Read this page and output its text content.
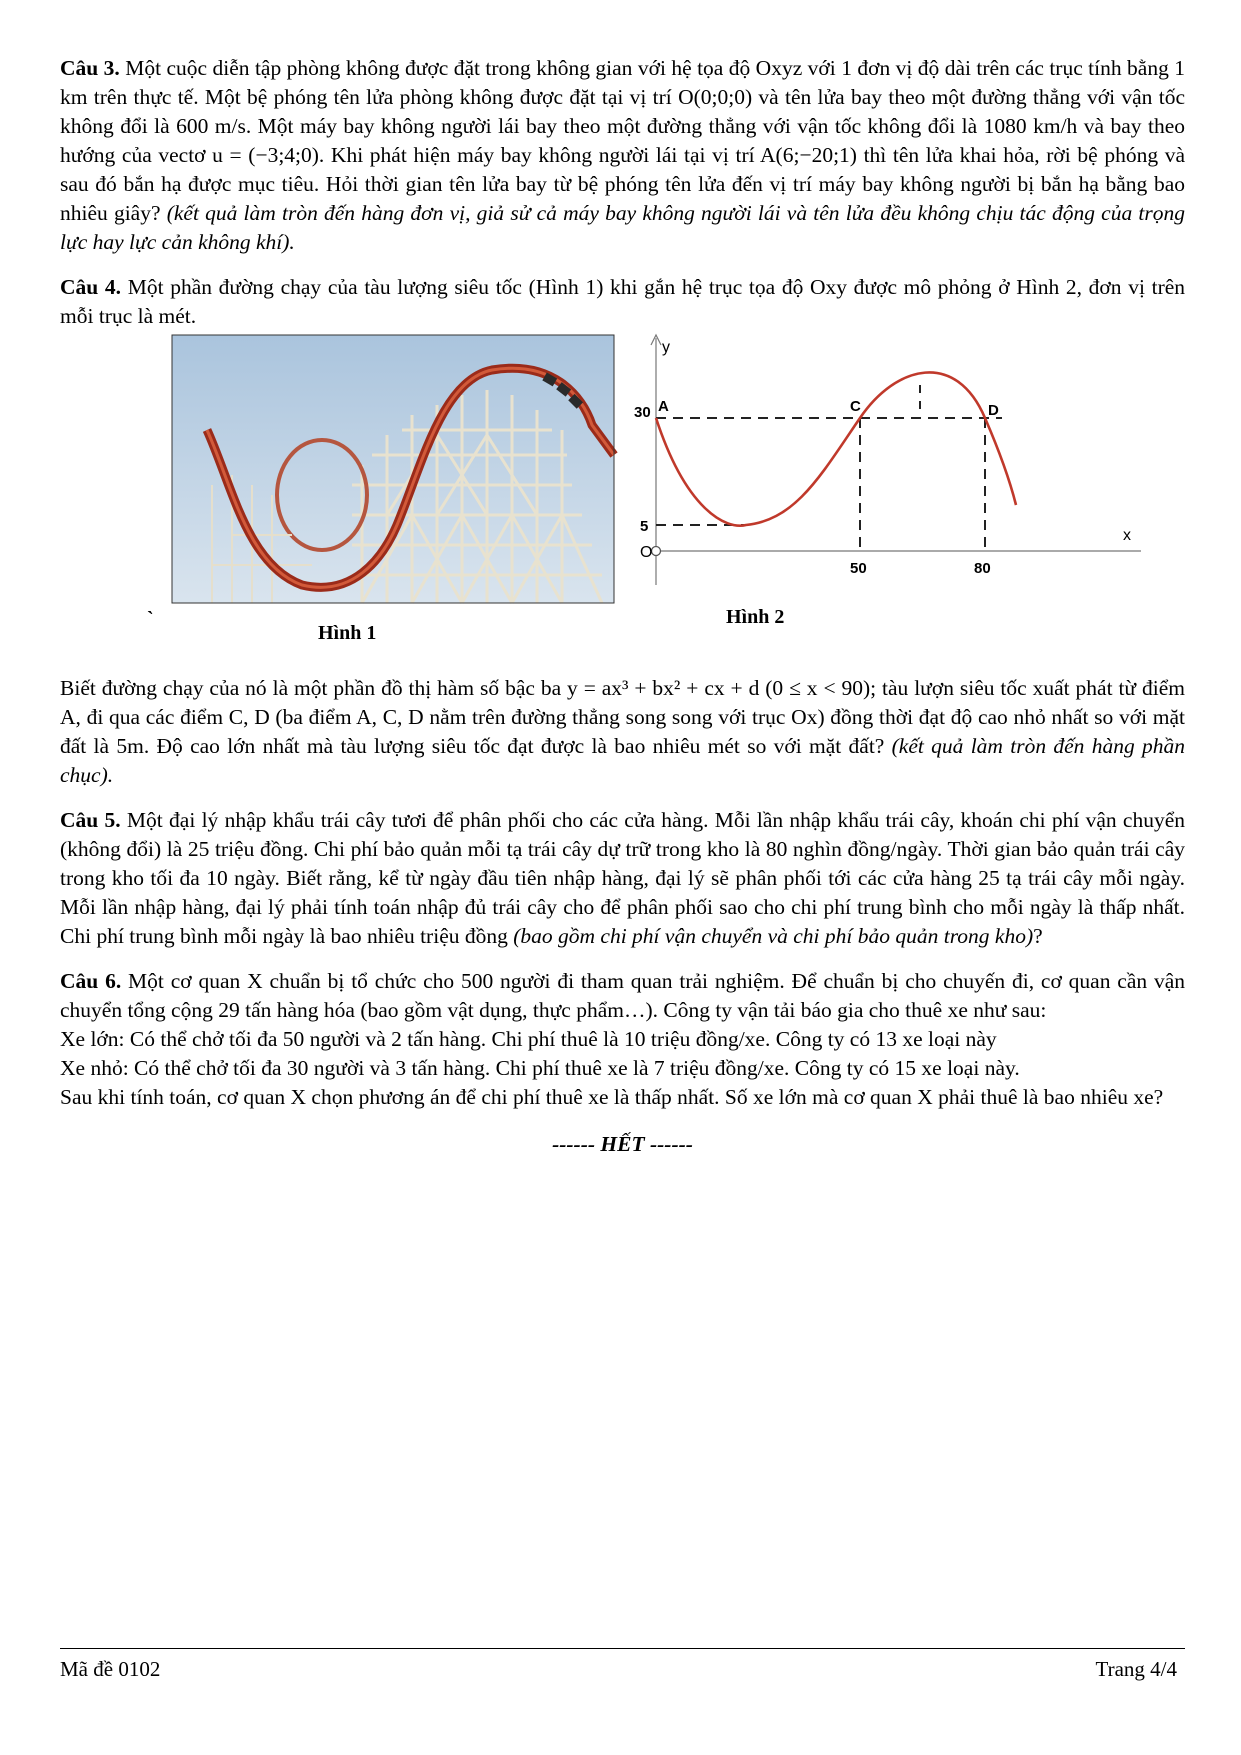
Câu 3. Một cuộc diễn tập phòng không được đặt trong không gian với hệ tọa độ Oxyz với 1 đơn vị độ dài trên các trục tính bằng 1 km trên thực tế. Một bệ phóng tên lửa phòng không được đặt tại vị trí O(0;0;0) và tên lửa bay theo một đường thẳng với vận tốc không đổi là 600 m/s. Một máy bay không người lái bay theo một đường thẳng với vận tốc không đổi là 1080 km/h và bay theo hướng của vectơ u = (−3;4;0). Khi phát hiện máy bay không người lái tại vị trí A(6;−20;1) thì tên lửa khai hỏa, rời bệ phóng và sau đó bắn hạ được mục tiêu. Hỏi thời gian tên lửa bay từ bệ phóng tên lửa đến vị trí máy bay không người bị bắn hạ bằng bao nhiêu giây? (kết quả làm tròn đến hàng đơn vị, giả sử cả máy bay không người lái và tên lửa đều không chịu tác động của trọng lực hay lực cản không khí).

Câu 4. Một phần đường chạy của tàu lượng siêu tốc (Hình 1) khi gắn hệ trục tọa độ Oxy được mô phỏng ở Hình 2, đơn vị trên mỗi trục là mét.

`
Hình 1
y
x
O
30
5
50	80
A	C	D
Hình 2

Biết đường chạy của nó là một phần đồ thị hàm số bậc ba y = ax³ + bx² + cx + d (0 ≤ x < 90); tàu lượn siêu tốc xuất phát từ điểm A, đi qua các điểm C, D (ba điểm A, C, D nằm trên đường thẳng song song với trục Ox) đồng thời đạt độ cao nhỏ nhất so với mặt đất là 5m. Độ cao lớn nhất mà tàu lượng siêu tốc đạt được là bao nhiêu mét so với mặt đất? (kết quả làm tròn đến hàng phần chục).

Câu 5. Một đại lý nhập khẩu trái cây tươi để phân phối cho các cửa hàng. Mỗi lần nhập khẩu trái cây, khoán chi phí vận chuyển (không đổi) là 25 triệu đồng. Chi phí bảo quản mỗi tạ trái cây dự trữ trong kho là 80 nghìn đồng/ngày. Thời gian bảo quản trái cây trong kho tối đa 10 ngày. Biết rằng, kể từ ngày đầu tiên nhập hàng, đại lý sẽ phân phối tới các cửa hàng 25 tạ trái cây mỗi ngày. Mỗi lần nhập hàng, đại lý phải tính toán nhập đủ trái cây cho để phân phối sao cho chi phí trung bình cho mỗi ngày là thấp nhất. Chi phí trung bình mỗi ngày là bao nhiêu triệu đồng (bao gồm chi phí vận chuyển và chi phí bảo quản trong kho)?

Câu 6. Một cơ quan X chuẩn bị tổ chức cho 500 người đi tham quan trải nghiệm. Để chuẩn bị cho chuyến đi, cơ quan cần vận chuyển tổng cộng 29 tấn hàng hóa (bao gồm vật dụng, thực phẩm…). Công ty vận tải báo gia cho thuê xe như sau:

Xe lớn: Có thể chở tối đa 50 người và 2 tấn hàng. Chi phí thuê là 10 triệu đồng/xe. Công ty có 13 xe loại này

Xe nhỏ: Có thể chở tối đa 30 người và 3 tấn hàng. Chi phí thuê xe là 7 triệu đồng/xe. Công ty có 15 xe loại này.

Sau khi tính toán, cơ quan X chọn phương án để chi phí thuê xe là thấp nhất. Số xe lớn mà cơ quan X phải thuê là bao nhiêu xe?

------ HẾT ------

Mã đề 0102	Trang 4/4
